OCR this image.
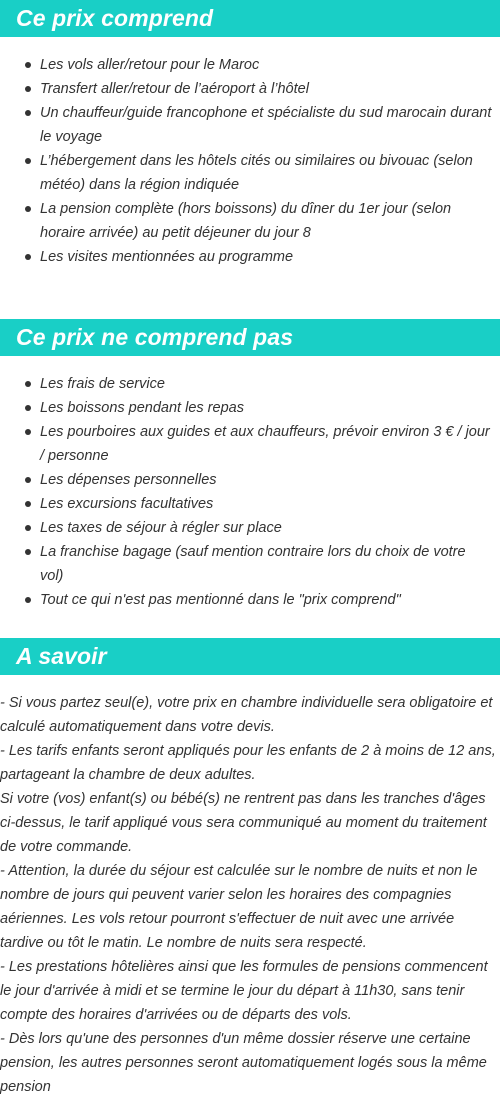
Ce prix comprend
Les vols aller/retour pour le Maroc
Transfert aller/retour de l’aéroport à l’hôtel
Un chauffeur/guide francophone et spécialiste du sud marocain durant le voyage
L’hébergement dans les hôtels cités ou similaires ou bivouac (selon météo) dans la région indiquée
La pension complète (hors boissons) du dîner du 1er jour (selon horaire arrivée) au petit déjeuner du jour 8
Les visites mentionnées au programme
Ce prix ne comprend pas
Les frais de service
Les boissons pendant les repas
Les pourboires aux guides et aux chauffeurs, prévoir environ 3 € / jour / personne
Les dépenses personnelles
Les excursions facultatives
Les taxes de séjour à régler sur place
La franchise bagage (sauf mention contraire lors du choix de votre vol)
Tout ce qui n'est pas mentionné dans le "prix comprend"
A savoir

- Si vous partez seul(e), votre prix en chambre individuelle sera obligatoire et calculé automatiquement dans votre devis.

- Les tarifs enfants seront appliqués pour les enfants de 2 à moins de 12 ans, partageant la chambre de deux adultes.

Si votre (vos) enfant(s) ou bébé(s) ne rentrent pas dans les tranches d'âges ci-dessus, le tarif appliqué vous sera communiqué au moment du traitement de votre commande.

- Attention, la durée du séjour est calculée sur le nombre de nuits et non le nombre de jours qui peuvent varier selon les horaires des compagnies aériennes. Les vols retour pourront s'effectuer de nuit avec une arrivée tardive ou tôt le matin. Le nombre de nuits sera respecté.

- Les prestations hôtelières ainsi que les formules de pensions commencent le jour d'arrivée à midi et se termine le jour du départ à 11h30, sans tenir compte des horaires d'arrivées ou de départs des vols.

- Dès lors qu'une des personnes d'un même dossier réserve une certaine pension, les autres personnes seront automatiquement logés sous la même pension
